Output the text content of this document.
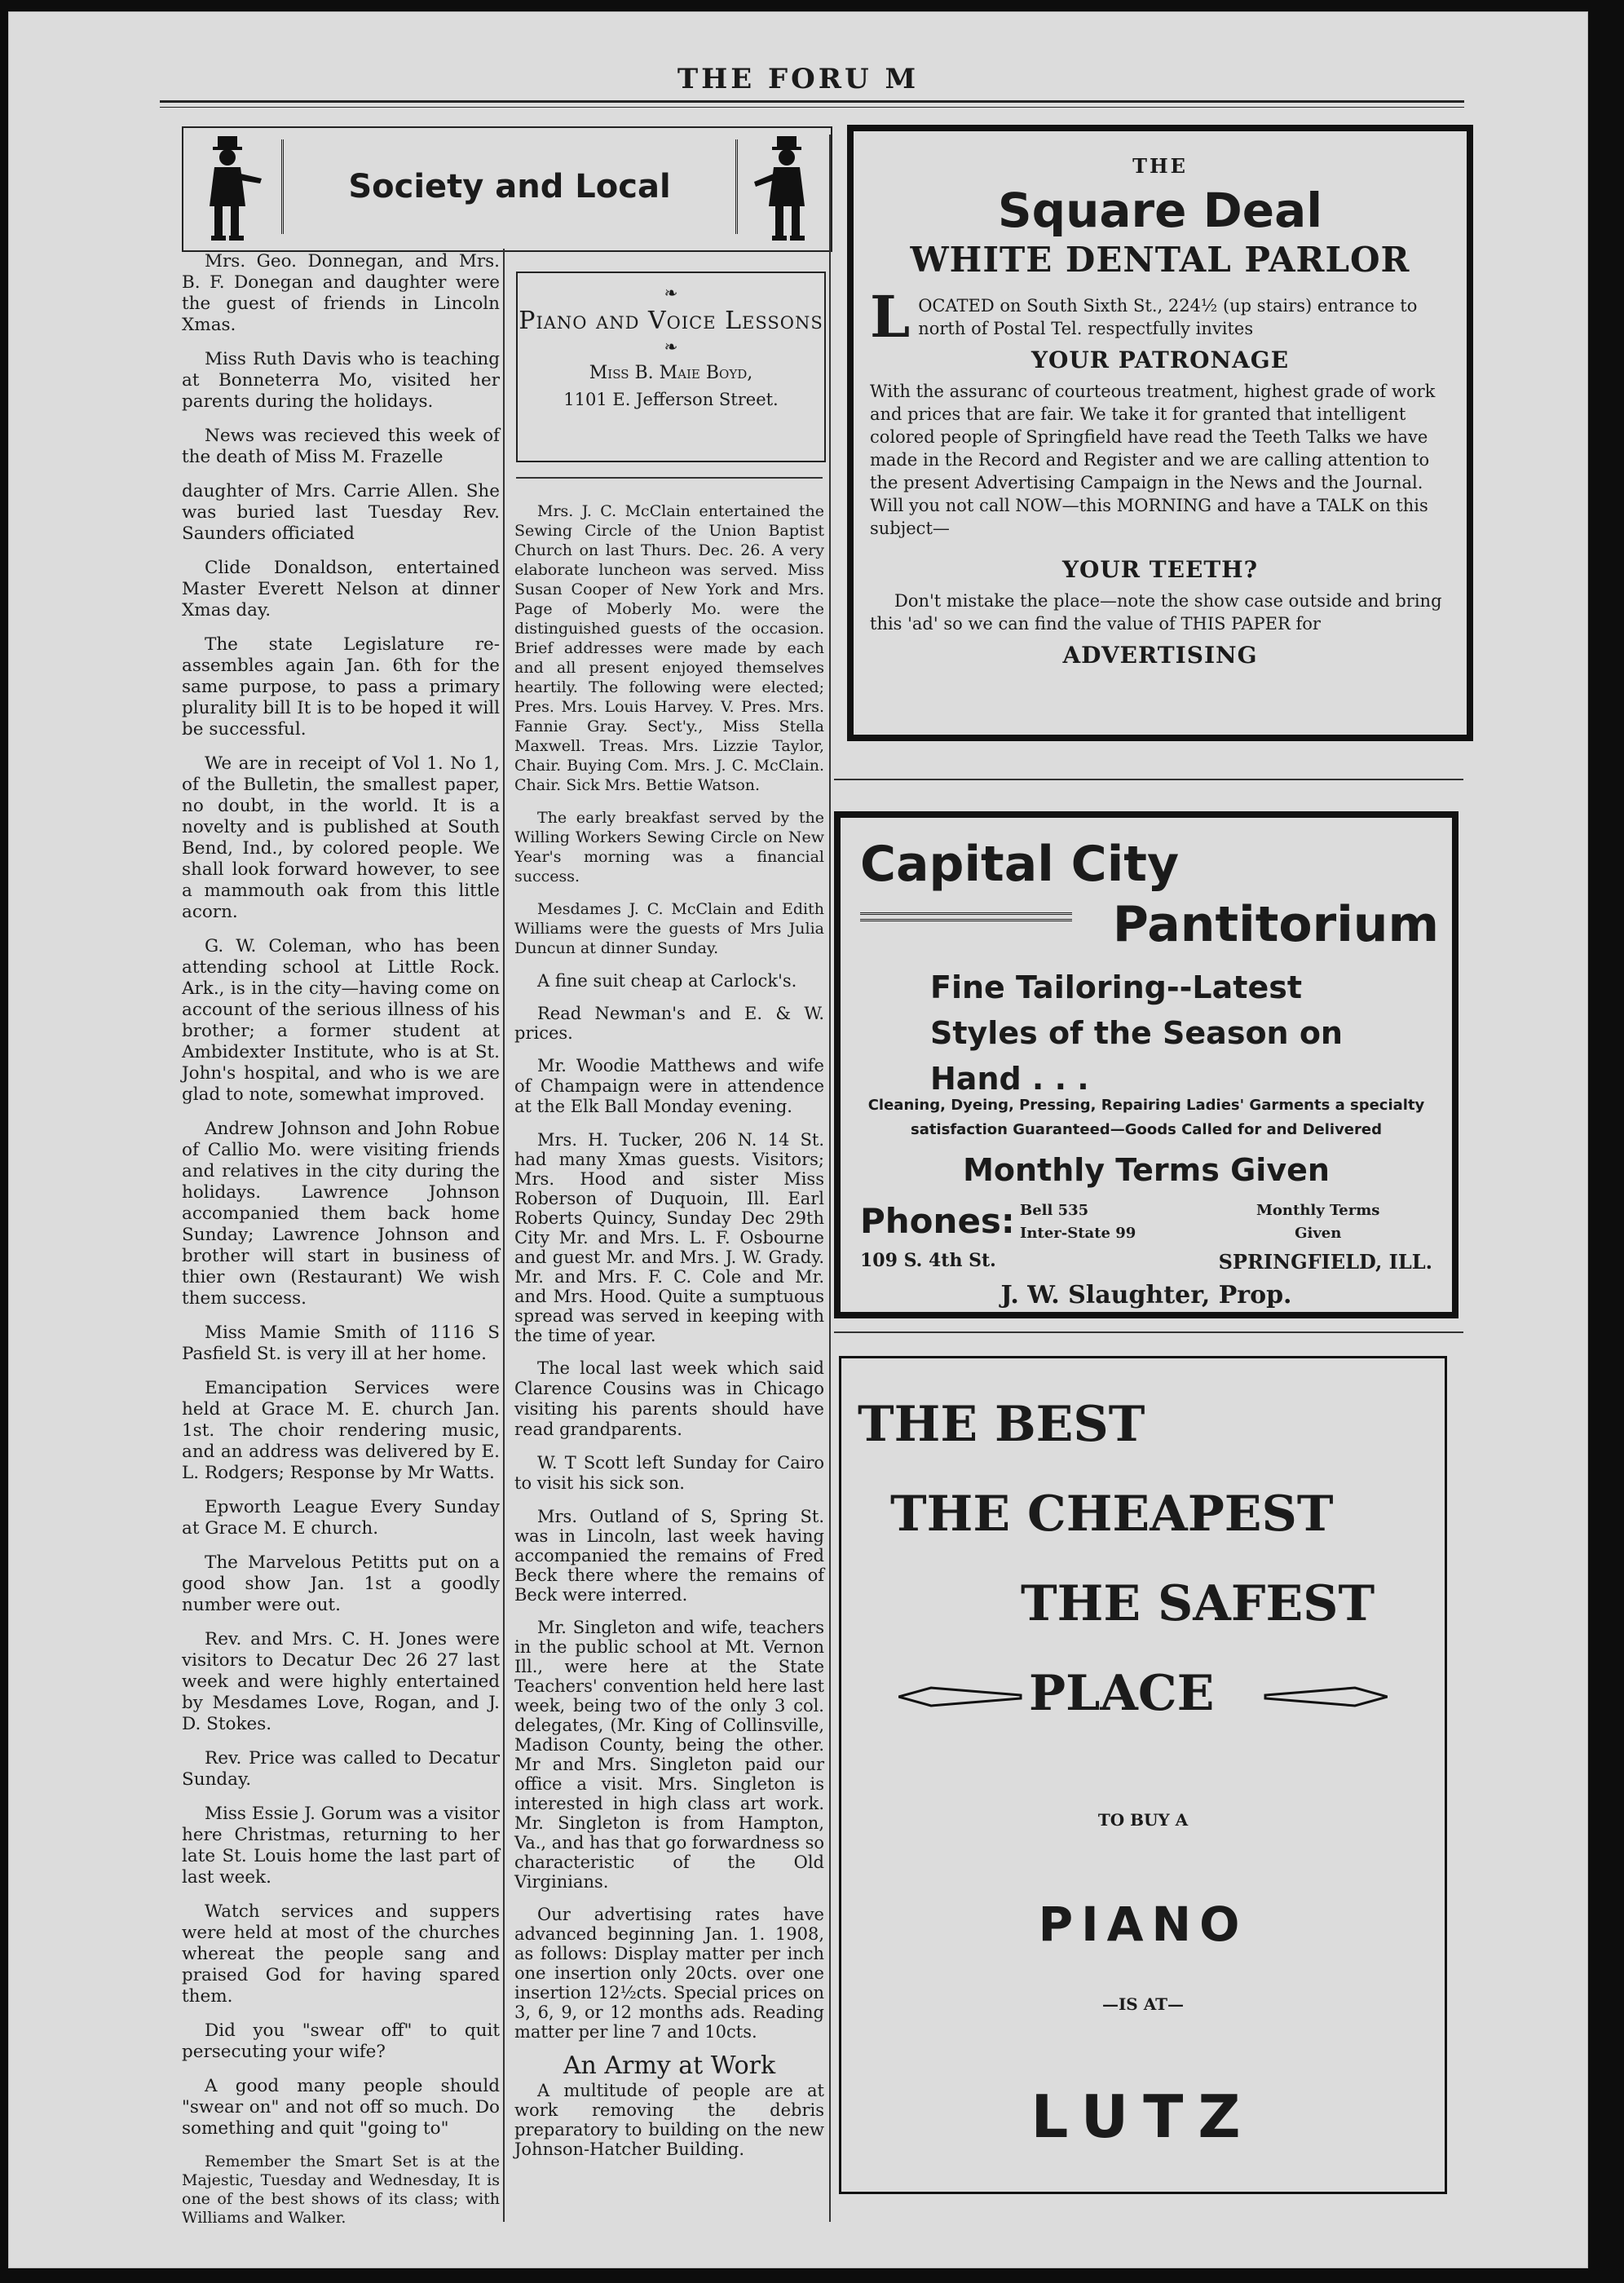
THE FORU M
Society and Local

Mrs. Geo. Donnegan, and Mrs. B. F. Donegan and daughter were the guest of friends in Lincoln Xmas.

Miss Ruth Davis who is teaching at Bonneterra Mo, visited her parents during the holidays.

News was recieved this week of the death of Miss M. Frazelle

daughter of Mrs. Carrie Allen. She was buried last Tuesday Rev. Saunders officiated

Clide Donaldson, entertained Master Everett Nelson at dinner Xmas day.

The state Legislature re-assembles again Jan. 6th for the same purpose, to pass a primary plurality bill It is to be hoped it will be successful.

We are in receipt of Vol 1. No 1, of the Bulletin, the smallest paper, no doubt, in the world. It is a novelty and is published at South Bend, Ind., by colored people. We shall look forward however, to see a mammouth oak from this little acorn.

G. W. Coleman, who has been attending school at Little Rock. Ark., is in the city—having come on account of the serious illness of his brother; a former student at Ambidexter Institute, who is at St. John's hospital, and who is we are glad to note, somewhat improved.

Andrew Johnson and John Robue of Callio Mo. were visiting friends and relatives in the city during the holidays. Lawrence Johnson accompanied them back home Sunday; Lawrence Johnson and brother will start in business of thier own (Restaurant) We wish them success.

Miss Mamie Smith of 1116 S Pasfield St. is very ill at her home.

Emancipation Services were held at Grace M. E. church Jan. 1st. The choir rendering music, and an address was delivered by E. L. Rodgers; Response by Mr Watts.

Epworth League Every Sunday at Grace M. E church.

The Marvelous Petitts put on a good show Jan. 1st a goodly number were out.

Rev. and Mrs. C. H. Jones were visitors to Decatur Dec 26 27 last week and were highly entertained by Mesdames Love, Rogan, and J. D. Stokes.

Rev. Price was called to Decatur Sunday.

Miss Essie J. Gorum was a visitor here Christmas, returning to her late St. Louis home the last part of last week.

Watch services and suppers were held at most of the churches whereat the people sang and praised God for having spared them.

Did you "swear off" to quit persecuting your wife?

A good many people should "swear on" and not off so much. Do something and quit "going to"

Remember the Smart Set is at the Majestic, Tuesday and Wednesday, It is one of the best shows of its class; with Williams and Walker.

❧
Piano and Voice Lessons
❧
Miss B. Maie Boyd,
1101 E. Jefferson Street.

Mrs. J. C. McClain entertained the Sewing Circle of the Union Baptist Church on last Thurs. Dec. 26. A very elaborate luncheon was served. Miss Susan Cooper of New York and Mrs. Page of Moberly Mo. were the distinguished guests of the occasion. Brief addresses were made by each and all present enjoyed themselves heartily. The following were elected; Pres. Mrs. Louis Harvey. V. Pres. Mrs. Fannie Gray. Sect'y., Miss Stella Maxwell. Treas. Mrs. Lizzie Taylor, Chair. Buying Com. Mrs. J. C. McClain. Chair. Sick Mrs. Bettie Watson.

The early breakfast served by the Willing Workers Sewing Circle on New Year's morning was a financial success.

Mesdames J. C. McClain and Edith Williams were the guests of Mrs Julia Duncun at dinner Sunday.

A fine suit cheap at Carlock's.

Read Newman's and E. & W. prices.

Mr. Woodie Matthews and wife of Champaign were in attendence at the Elk Ball Monday evening.

Mrs. H. Tucker, 206 N. 14 St. had many Xmas guests. Visitors; Mrs. Hood and sister Miss Roberson of Duquoin, Ill. Earl Roberts Quincy, Sunday Dec 29th City Mr. and Mrs. L. F. Osbourne and guest Mr. and Mrs. J. W. Grady. Mr. and Mrs. F. C. Cole and Mr. and Mrs. Hood. Quite a sumptuous spread was served in keeping with the time of year.

The local last week which said Clarence Cousins was in Chicago visiting his parents should have read grandparents.

W. T Scott left Sunday for Cairo to visit his sick son.

Mrs. Outland of S, Spring St. was in Lincoln, last week having accompanied the remains of Fred Beck there where the remains of Beck were interred.

Mr. Singleton and wife, teachers in the public school at Mt. Vernon Ill., were here at the State Teachers' convention held here last week, being two of the only 3 col. delegates, (Mr. King of Collinsville, Madison County, being the other. Mr and Mrs. Singleton paid our office a visit. Mrs. Singleton is interested in high class art work. Mr. Singleton is from Hampton, Va., and has that go forwardness so characteristic of the Old Virginians.

Our advertising rates have advanced beginning Jan. 1. 1908, as follows: Display matter per inch one insertion only 20cts. over one insertion 12½cts. Special prices on 3, 6, 9, or 12 months ads. Reading matter per line 7 and 10cts.

An Army at Work

A multitude of people are at work removing the debris preparatory to building on the new Johnson-Hatcher Building.

THE
Square Deal
WHITE DENTAL PARLOR
L OCATED on South Sixth St., 224½ (up stairs) entrance to north of Postal Tel. respectfully invites
YOUR PATRONAGE
With the assuranc of courteous treatment, highest grade of work and prices that are fair. We take it for granted that intelligent colored people of Springfield have read the Teeth Talks we have made in the Record and Register and we are calling attention to the present Advertising Campaign in the News and the Journal. Will you not call NOW—this MORNING and have a TALK on this subject—
YOUR TEETH?
Don't mistake the place—note the show case outside and bring this 'ad' so we can find the value of THIS PAPER for
ADVERTISING
Capital City
Pantitorium
Fine Tailoring--Latest Styles of the Season on Hand . . .
Cleaning, Dyeing, Pressing, Repairing Ladies' Garments a specialty satisfaction Guaranteed—Goods Called for and Delivered
Monthly Terms Given
Phones: Bell 535
Inter-State 99
Monthly Terms
Given
109 S. 4th St.	SPRINGFIELD, ILL.
J. W. Slaughter, Prop.
THE BEST
THE CHEAPEST
THE SAFEST
PLACE
TO BUY A
PIANO
—IS AT—
LUTZ
